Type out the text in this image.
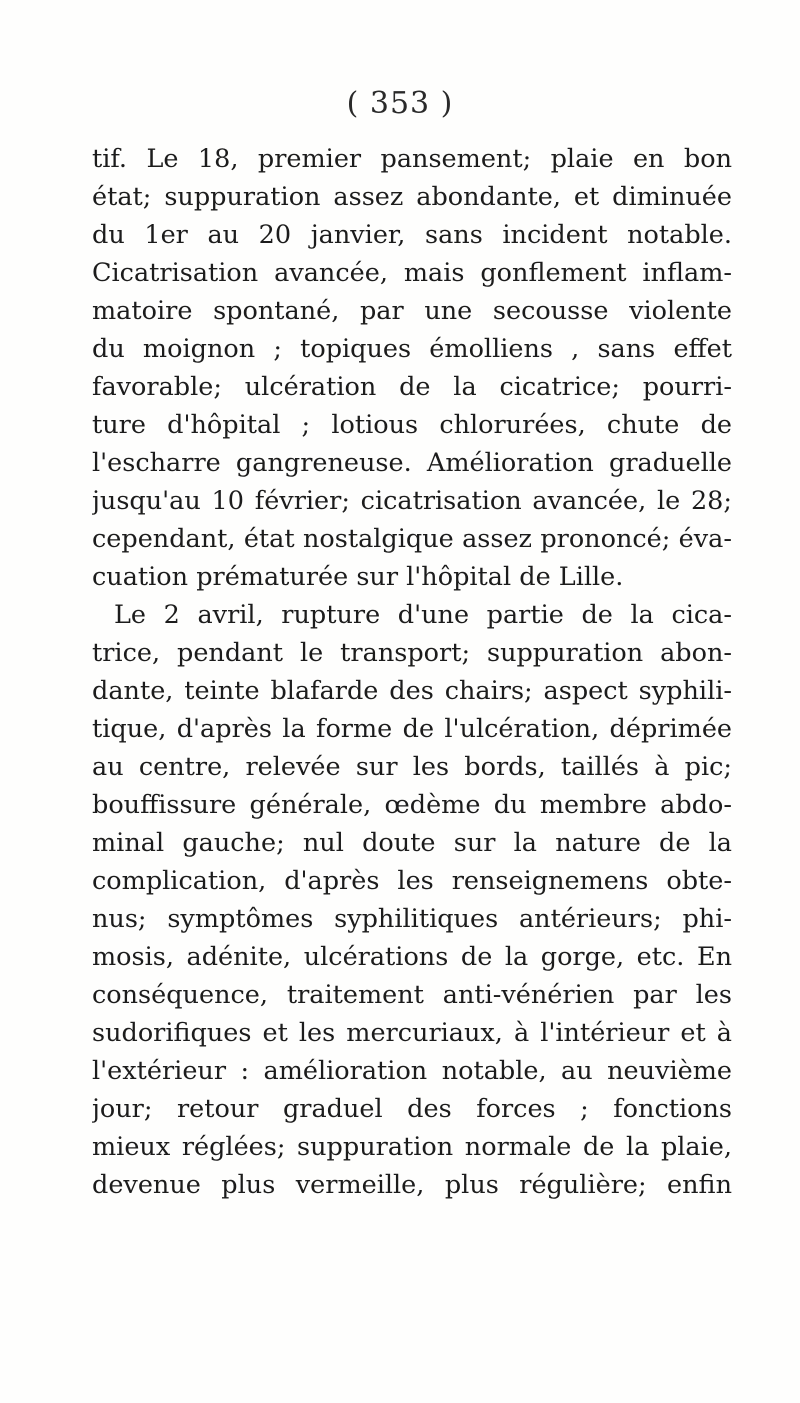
( 353 )
tif. Le 18, premier pansement; plaie en bon
état; suppuration assez abondante, et diminuée
du 1er au 20 janvier, sans incident notable.
Cicatrisation avancée, mais gonflement inflam-
matoire spontané, par une secousse violente
du moignon ; topiques émolliens , sans effet
favorable; ulcération de la cicatrice; pourri-
ture d'hôpital ; lotious chlorurées, chute de
l'escharre gangreneuse. Amélioration graduelle
jusqu'au 10 février; cicatrisation avancée, le 28;
cependant, état nostalgique assez prononcé; éva-
cuation prématurée sur l'hôpital de Lille.
Le 2 avril, rupture d'une partie de la cica-
trice, pendant le transport; suppuration abon-
dante, teinte blafarde des chairs; aspect syphili-
tique, d'après la forme de l'ulcération, déprimée
au centre, relevée sur les bords, taillés à pic;
bouffissure générale, œdème du membre abdo-
minal gauche; nul doute sur la nature de la
complication, d'après les renseignemens obte-
nus; symptômes syphilitiques antérieurs; phi-
mosis, adénite, ulcérations de la gorge, etc. En
conséquence, traitement anti-vénérien par les
sudorifiques et les mercuriaux, à l'intérieur et à
l'extérieur : amélioration notable, au neuvième
jour; retour graduel des forces ; fonctions
mieux réglées; suppuration normale de la plaie,
devenue plus vermeille, plus régulière; enfin
